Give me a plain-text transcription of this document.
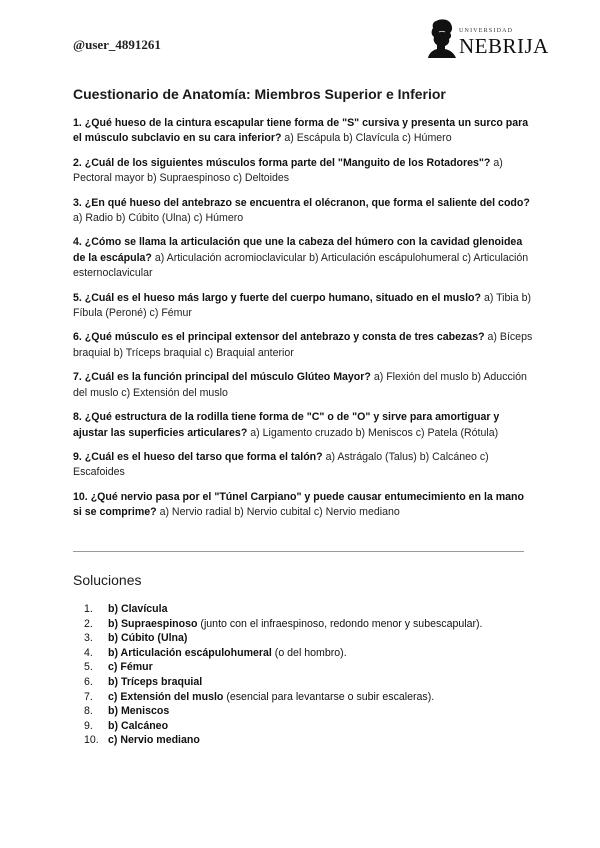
@user_4891261
UNIVERSIDAD
NEBRIJA
Cuestionario de Anatomía: Miembros Superior e Inferior

1. ¿Qué hueso de la cintura escapular tiene forma de "S" cursiva y presenta un surco para el músculo subclavio en su cara inferior? a) Escápula b) Clavícula c) Húmero

2. ¿Cuál de los siguientes músculos forma parte del "Manguito de los Rotadores"? a) Pectoral mayor b) Supraespinoso c) Deltoides

3. ¿En qué hueso del antebrazo se encuentra el olécranon, que forma el saliente del codo? a) Radio b) Cúbito (Ulna) c) Húmero

4. ¿Cómo se llama la articulación que une la cabeza del húmero con la cavidad glenoidea de la escápula? a) Articulación acromioclavicular b) Articulación escápulohumeral c) Articulación esternoclavicular

5. ¿Cuál es el hueso más largo y fuerte del cuerpo humano, situado en el muslo? a) Tibia b) Fíbula (Peroné) c) Fémur

6. ¿Qué músculo es el principal extensor del antebrazo y consta de tres cabezas? a) Bíceps braquial b) Tríceps braquial c) Braquial anterior

7. ¿Cuál es la función principal del músculo Glúteo Mayor? a) Flexión del muslo b) Aducción del muslo c) Extensión del muslo

8. ¿Qué estructura de la rodilla tiene forma de "C" o de "O" y sirve para amortiguar y ajustar las superficies articulares? a) Ligamento cruzado b) Meniscos c) Patela (Rótula)

9. ¿Cuál es el hueso del tarso que forma el talón? a) Astrágalo (Talus) b) Calcáneo c) Escafoides

10. ¿Qué nervio pasa por el "Túnel Carpiano" y puede causar entumecimiento en la mano si se comprime? a) Nervio radial b) Nervio cubital c) Nervio mediano

Soluciones
1.	b) Clavícula
2.	b) Supraespinoso (junto con el infraespinoso, redondo menor y subescapular).
3.	b) Cúbito (Ulna)
4.	b) Articulación escápulohumeral (o del hombro).
5.	c) Fémur
6.	b) Tríceps braquial
7.	c) Extensión del muslo (esencial para levantarse o subir escaleras).
8.	b) Meniscos
9.	b) Calcáneo
10. c) Nervio mediano
